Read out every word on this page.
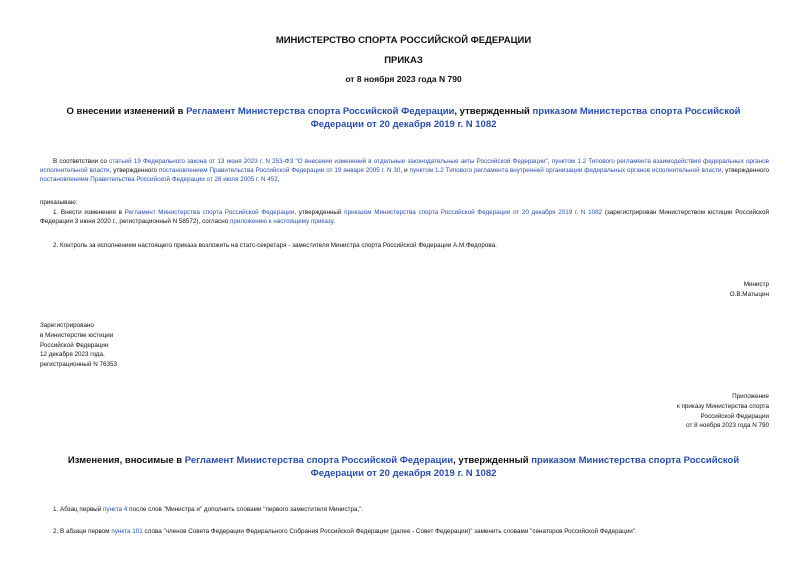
МИНИСТЕРСТВО СПОРТА РОССИЙСКОЙ ФЕДЕРАЦИИ
ПРИКАЗ
от 8 ноября 2023 года N 790
О внесении изменений в Регламент Министерства спорта Российской Федерации, утвержденный приказом Министерства спорта Российской Федерации от 20 декабря 2019 г. N 1082
В соответствии со статьей 19 Федерального закона от 13 июня 2023 г. N 253-ФЗ "О внесении изменений в отдельные законодательные акты Российской Федерации", пунктом 1.2 Типового регламента взаимодействия федеральных органов исполнительной власти, утвержденного постановлением Правительства Российской Федерации от 19 января 2005 г. N 30, и пунктом 1.2 Типового регламента внутренней организации федеральных органов исполнительной власти, утвержденного постановлением Правительства Российской Федерации от 28 июля 2005 г. N 452,
приказываю:
1. Внести изменения в Регламент Министерства спорта Российской Федерации, утвержденный приказом Министерства спорта Российской Федерации от 20 декабря 2019 г. N 1082 (зарегистрирован Министерством юстиции Российской Федерации 3 июня 2020 г., регистрационный N 58572), согласно приложению к настоящему приказу.
2. Контроль за исполнением настоящего приказа возложить на статс-секретаря - заместителя Министра спорта Российской Федерации А.М.Федорова.
Министр
О.В.Матыцин
Зарегистрировано
в Министерстве юстиции
Российской Федерации
12 декабря 2023 года,
регистрационный N 76353
Приложение
к приказу Министерства спорта
Российской Федерации
от 8 ноября 2023 года N 790
Изменения, вносимые в Регламент Министерства спорта Российской Федерации, утвержденный приказом Министерства спорта Российской Федерации от 20 декабря 2019 г. N 1082
1. Абзац первый пункта 4 после слов "Министра и" дополнить словами "первого заместителя Министра,".
2. В абзаце первом пункта 101 слова "членов Совета Федерации Федерального Собрания Российской Федерации (далее - Совет Федерации)" заменить словами "сенаторов Российской Федерации".
